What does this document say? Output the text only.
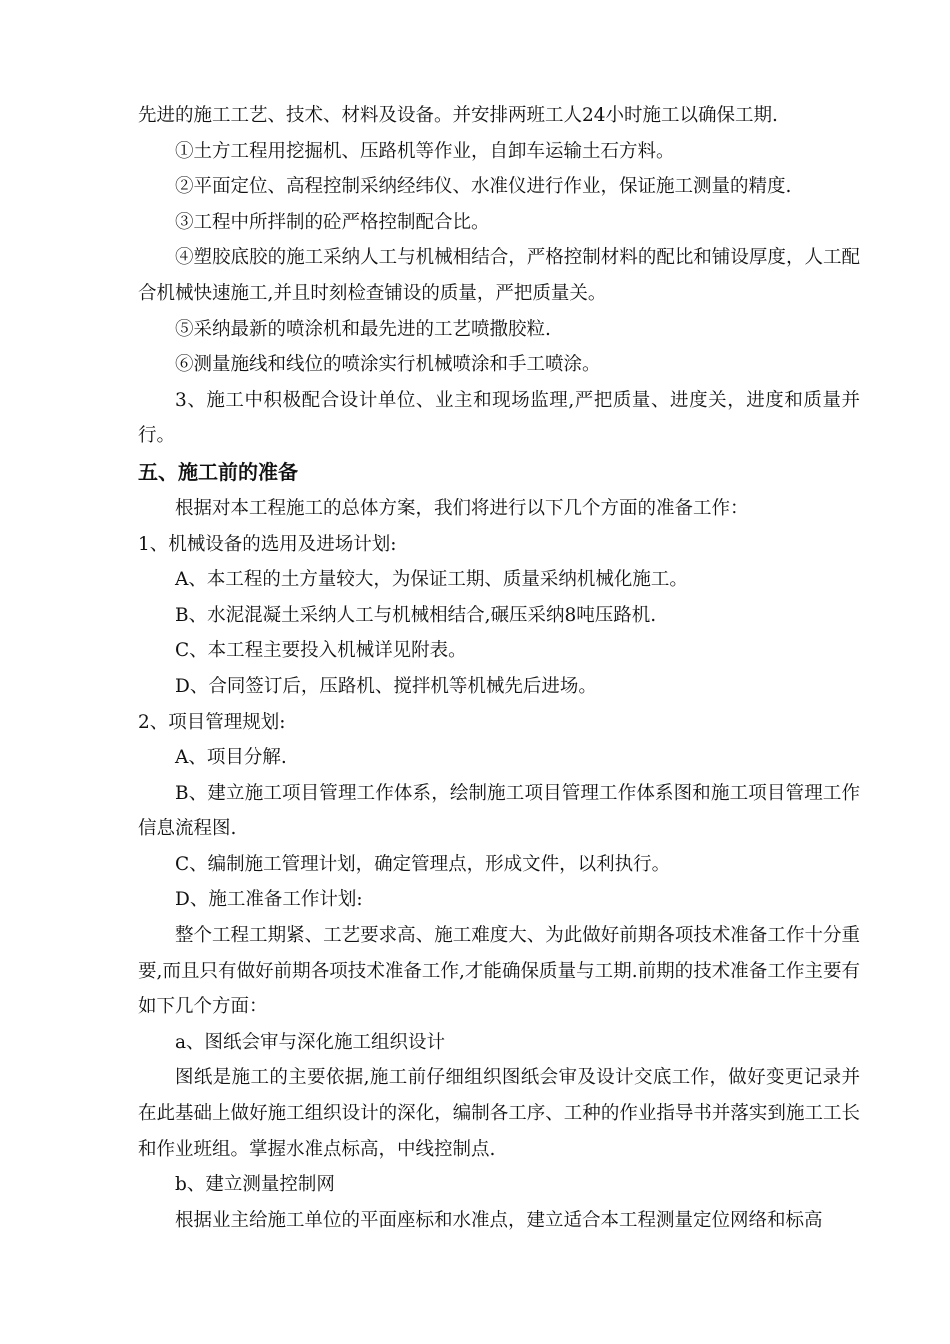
先进的施工工艺、技术、材料及设备。并安排两班工人24小时施工以确保工期.

①土方工程用挖掘机、压路机等作业，自卸车运输土石方料。

②平面定位、高程控制采纳经纬仪、水准仪进行作业，保证施工测量的精度.

③工程中所拌制的砼严格控制配合比。

④塑胶底胶的施工采纳人工与机械相结合，严格控制材料的配比和铺设厚度，人工配合机械快速施工,并且时刻检查铺设的质量，严把质量关。

⑤采纳最新的喷涂机和最先进的工艺喷撒胶粒.

⑥测量施线和线位的喷涂实行机械喷涂和手工喷涂。

3、施工中积极配合设计单位、业主和现场监理,严把质量、进度关，进度和质量并行。

五、施工前的准备

根据对本工程施工的总体方案，我们将进行以下几个方面的准备工作：

1、机械设备的选用及进场计划:

A、本工程的土方量较大，为保证工期、质量采纳机械化施工。

B、水泥混凝土采纳人工与机械相结合,碾压采纳8吨压路机.

C、本工程主要投入机械详见附表。

D、合同签订后，压路机、搅拌机等机械先后进场。

2、项目管理规划:

A、项目分解.

B、建立施工项目管理工作体系，绘制施工项目管理工作体系图和施工项目管理工作信息流程图.

C、编制施工管理计划，确定管理点，形成文件，以利执行。

D、施工准备工作计划:

整个工程工期紧、工艺要求高、施工难度大、为此做好前期各项技术准备工作十分重要,而且只有做好前期各项技术准备工作,才能确保质量与工期.前期的技术准备工作主要有如下几个方面：

a、图纸会审与深化施工组织设计

图纸是施工的主要依据,施工前仔细组织图纸会审及设计交底工作，做好变更记录并在此基础上做好施工组织设计的深化，编制各工序、工种的作业指导书并落实到施工工长和作业班组。掌握水准点标高，中线控制点.

b、建立测量控制网

根据业主给施工单位的平面座标和水准点，建立适合本工程测量定位网络和标高
